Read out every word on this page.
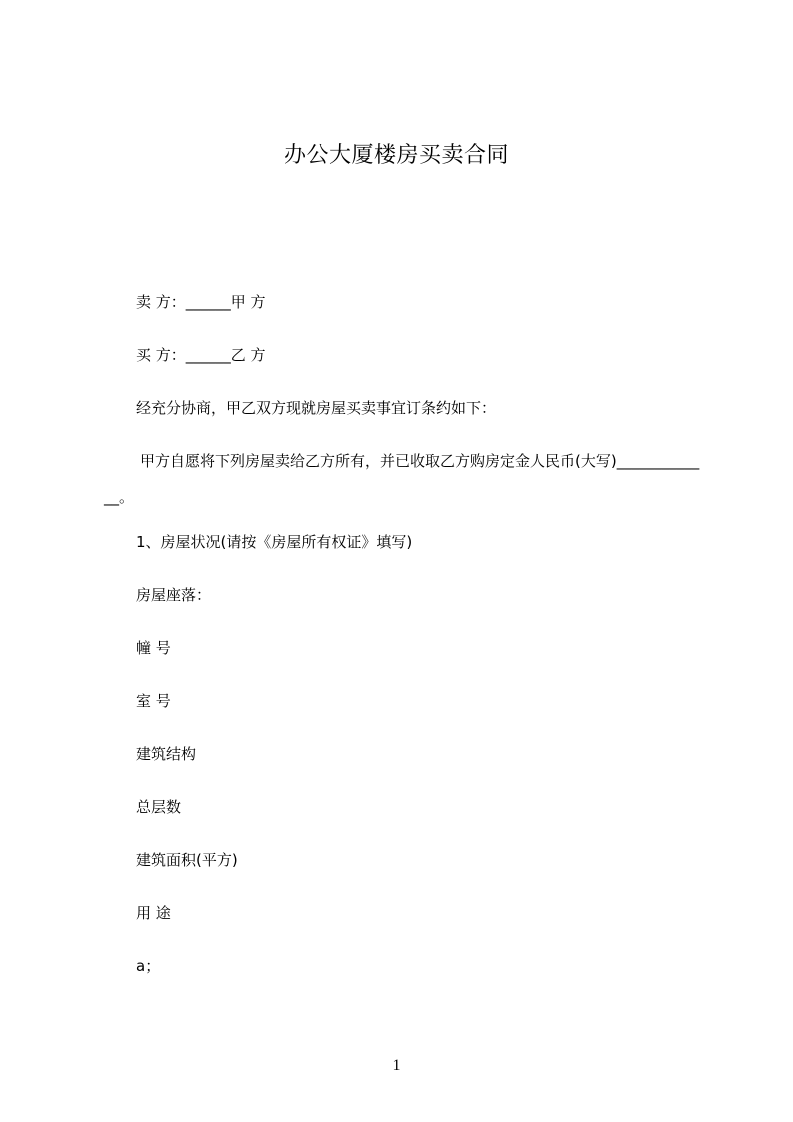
办公大厦楼房买卖合同
卖 方：______甲 方
买 方：______乙 方
经充分协商，甲乙双方现就房屋买卖事宜订条约如下：
甲方自愿将下列房屋卖给乙方所有，并已收取乙方购房定金人民币(大写)_____________。
1、房屋状况(请按《房屋所有权证》填写)
房屋座落：
幢 号
室 号
建筑结构
总层数
建筑面积(平方)
用 途
a；
1
